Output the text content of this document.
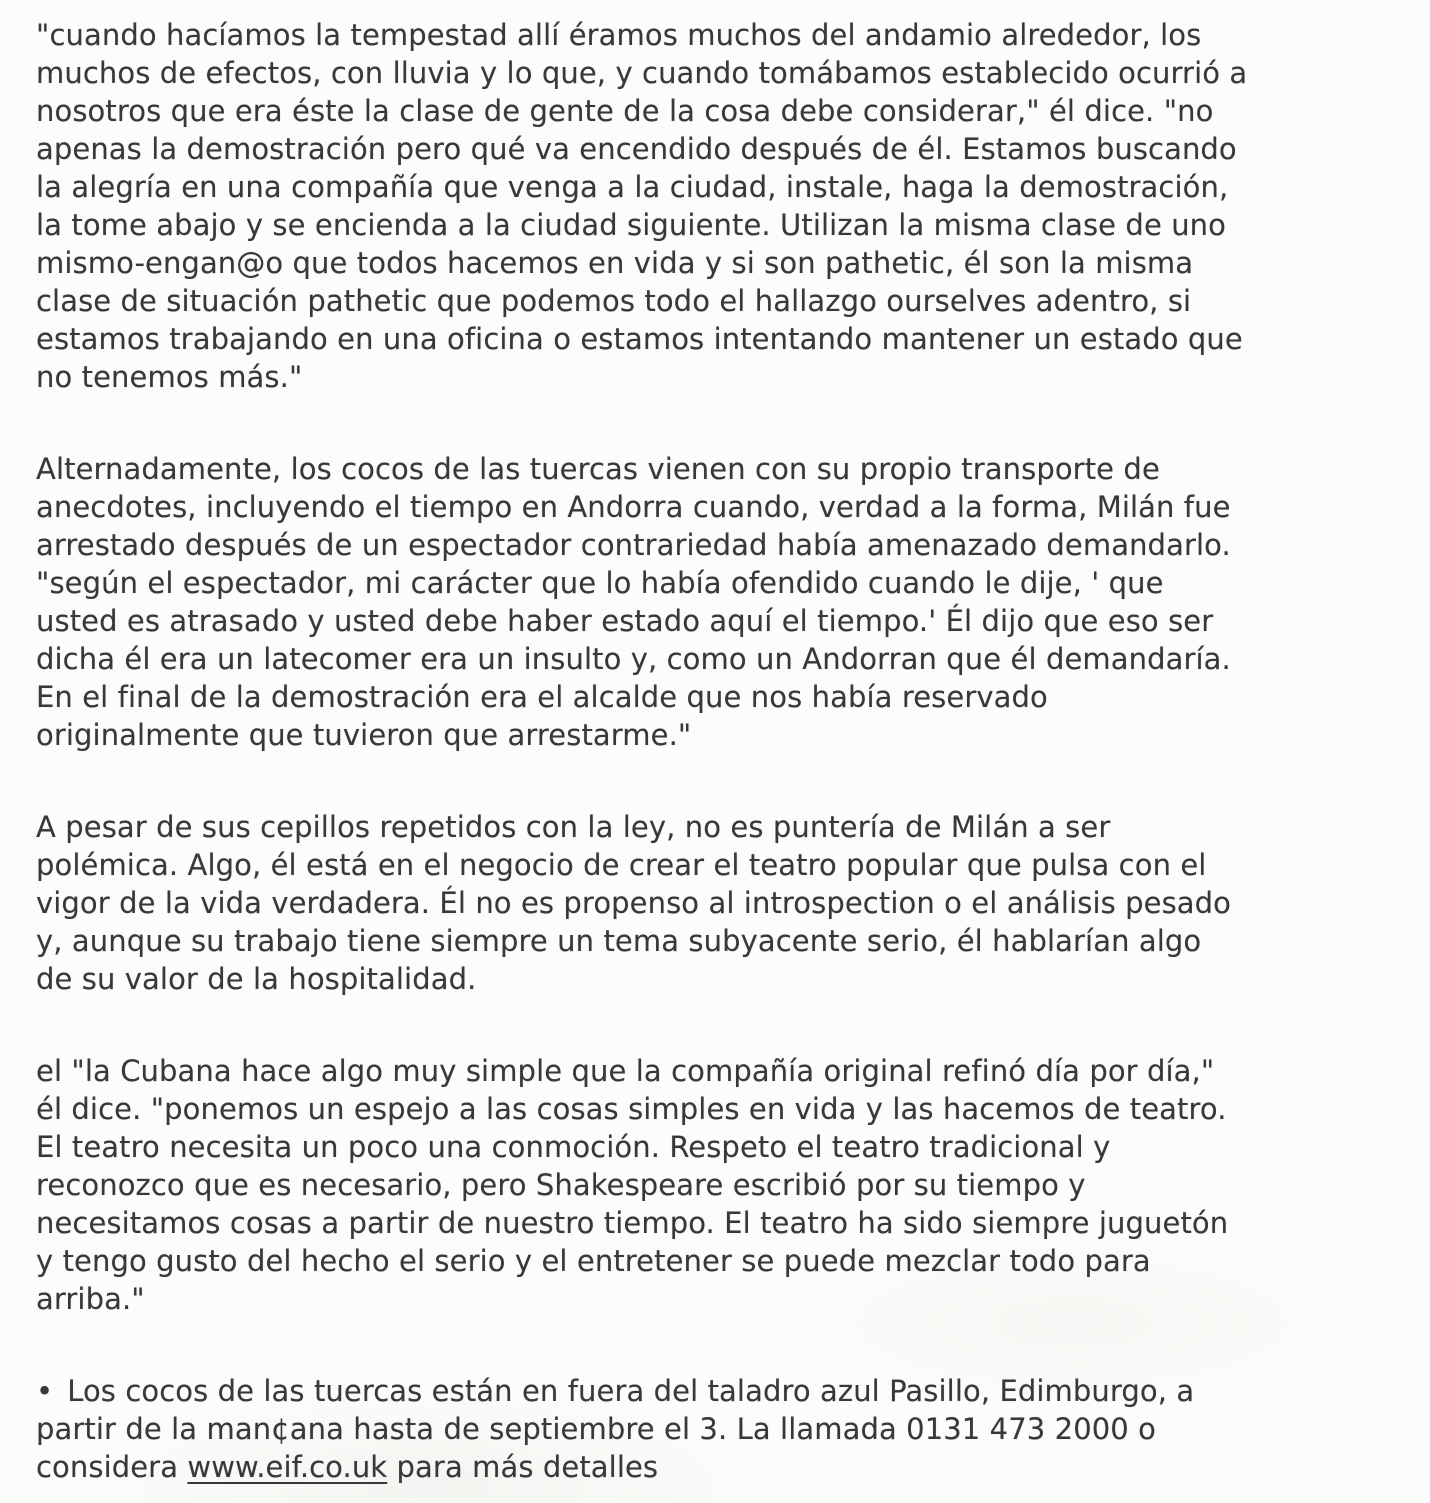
"cuando hacíamos la tempestad allí éramos muchos del andamio alrededor, los
muchos de efectos, con lluvia y lo que, y cuando tomábamos establecido ocurrió a
nosotros que era éste la clase de gente de la cosa debe considerar," él dice. "no
apenas la demostración pero qué va encendido después de él. Estamos buscando
la alegría en una compañía que venga a la ciudad, instale, haga la demostración,
la tome abajo y se encienda a la ciudad siguiente. Utilizan la misma clase de uno
mismo-engan@o que todos hacemos en vida y si son pathetic, él son la misma
clase de situación pathetic que podemos todo el hallazgo ourselves adentro, si
estamos trabajando en una oficina o estamos intentando mantener un estado que
no tenemos más."
Alternadamente, los cocos de las tuercas vienen con su propio transporte de
anecdotes, incluyendo el tiempo en Andorra cuando, verdad a la forma, Milán fue
arrestado después de un espectador contrariedad había amenazado demandarlo.
"según el espectador, mi carácter que lo había ofendido cuando le dije, ' que
usted es atrasado y usted debe haber estado aquí el tiempo.' Él dijo que eso ser
dicha él era un latecomer era un insulto y, como un Andorran que él demandaría.
En el final de la demostración era el alcalde que nos había reservado
originalmente que tuvieron que arrestarme."
A pesar de sus cepillos repetidos con la ley, no es puntería de Milán a ser
polémica. Algo, él está en el negocio de crear el teatro popular que pulsa con el
vigor de la vida verdadera. Él no es propenso al introspection o el análisis pesado
y, aunque su trabajo tiene siempre un tema subyacente serio, él hablarían algo
de su valor de la hospitalidad.
el "la Cubana hace algo muy simple que la compañía original refinó día por día,"
él dice. "ponemos un espejo a las cosas simples en vida y las hacemos de teatro.
El teatro necesita un poco una conmoción. Respeto el teatro tradicional y
reconozco que es necesario, pero Shakespeare escribió por su tiempo y
necesitamos cosas a partir de nuestro tiempo. El teatro ha sido siempre juguetón
y tengo gusto del hecho el serio y el entretener se puede mezclar todo para
arriba."
• Los cocos de las tuercas están en fuera del taladro azul Pasillo, Edimburgo, a
partir de la man¢ana hasta de septiembre el 3. La llamada 0131 473 2000 o
considera www.eif.co.uk para más detalles
